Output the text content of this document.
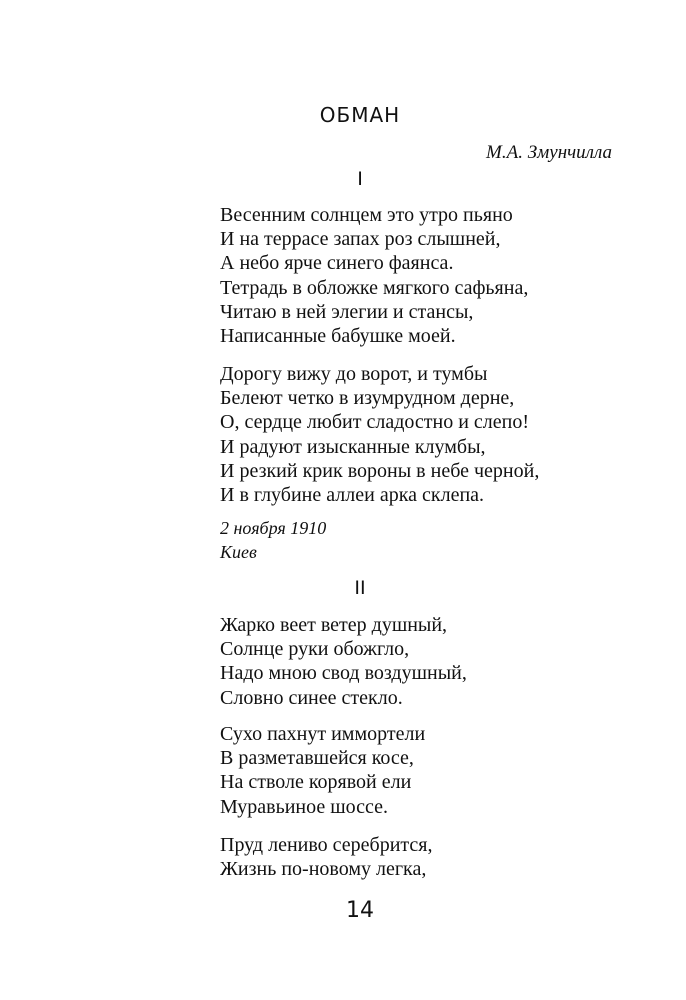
ОБМАН
М.А. Змунчилла
I
Весенним солнцем это утро пьяно
И на террасе запах роз слышней,
А небо ярче синего фаянса.
Тетрадь в обложке мягкого сафьяна,
Читаю в ней элегии и стансы,
Написанные бабушке моей.
Дорогу вижу до ворот, и тумбы
Белеют четко в изумрудном дерне,
О, сердце любит сладостно и слепо!
И радуют изысканные клумбы,
И резкий крик вороны в небе черной,
И в глубине аллеи арка склепа.
2 ноября 1910
Киев
II
Жарко веет ветер душный,
Солнце руки обожгло,
Надо мною свод воздушный,
Словно синее стекло.
Сухо пахнут иммортели
В разметавшейся косе,
На стволе корявой ели
Муравьиное шоссе.
Пруд лениво серебрится,
Жизнь по-новому легка,
14
